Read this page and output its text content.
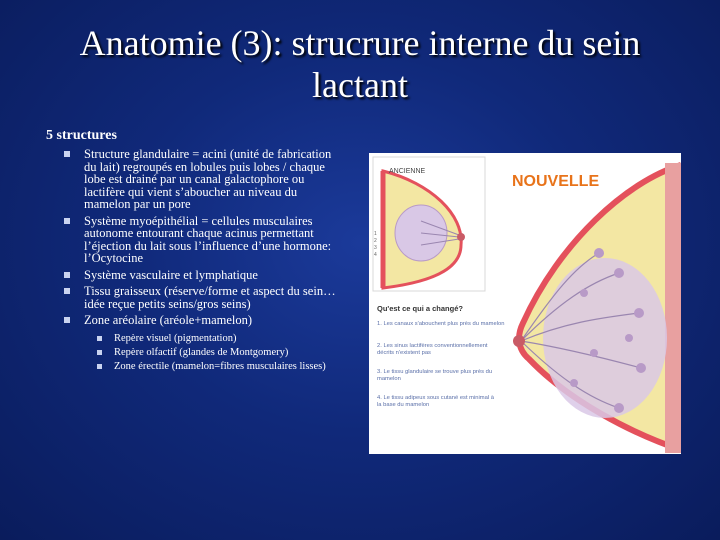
Anatomie (3): strucrure interne du sein lactant
5 structures
Structure glandulaire = acini (unité de fabrication du lait) regroupés en lobules puis lobes / chaque lobe est drainé par un canal galactophore ou lactifère qui vient s’aboucher au niveau du mamelon par un pore
Système myoépithélial = cellules musculaires autonome entourant chaque acinus permettant l’éjection du lait sous l’influence d’une hormone: l’Ocytocine
Système vasculaire et lymphatique
Tissu graisseux (réserve/forme et aspect du sein…idée reçue petits seins/gros seins)
Zone aréolaire (aréole+mamelon)
Repère visuel (pigmentation)
Repère olfactif (glandes de Montgomery)
Zone érectile (mamelon=fibres musculaires lisses)
ANCIENNE
1
2
3
4
NOUVELLE
Qu'est ce qui a changé?
1. Les canaux s'abouchent plus près du mamelon
2. Les sinus lactifères conventionnellement décrits n'existent pas
3. Le tissu glandulaire se trouve plus près du mamelon
4. Le tissu adipeux sous cutané est minimal à la base du mamelon
